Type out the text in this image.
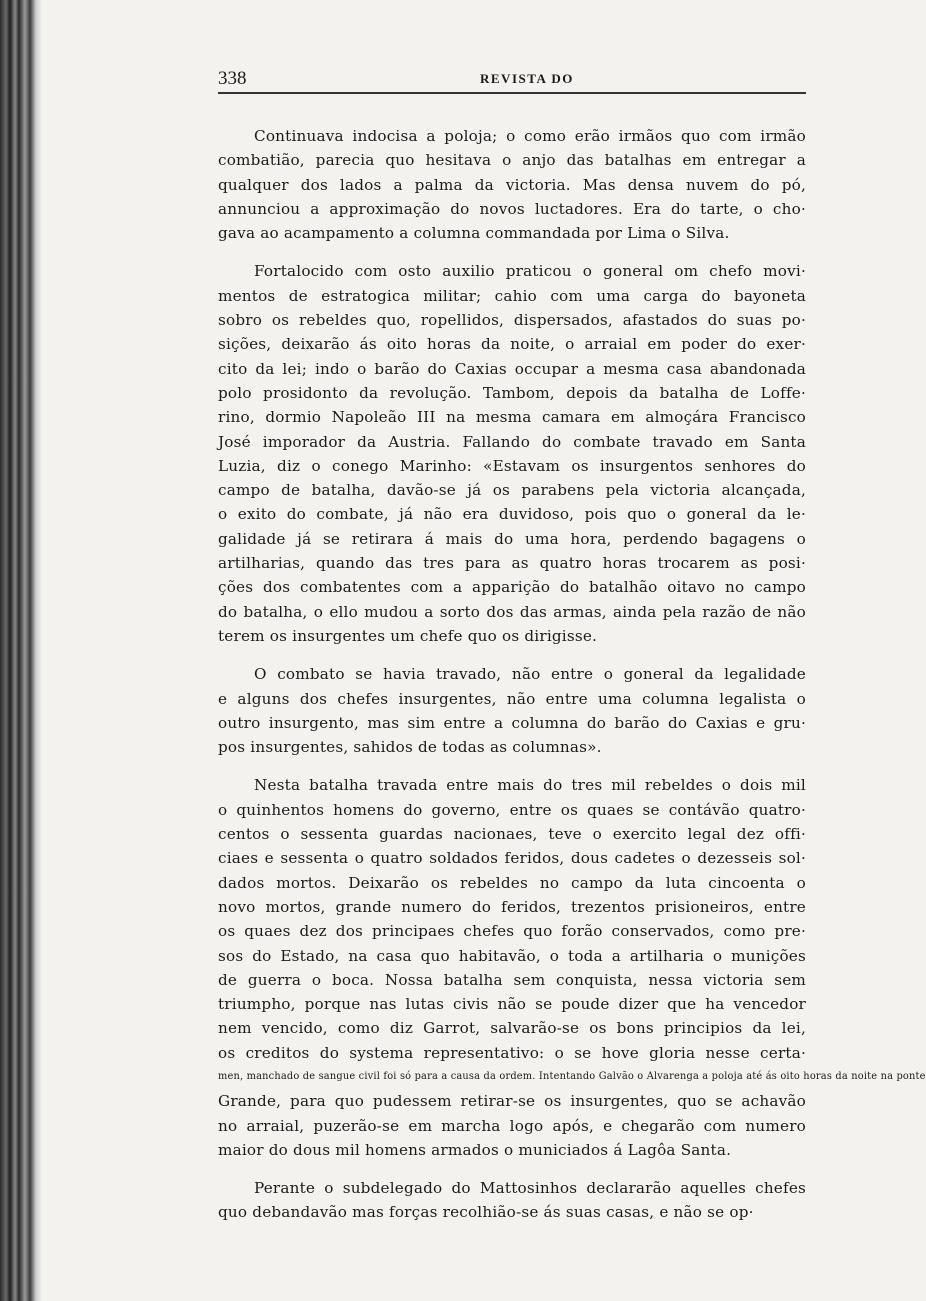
338	REVISTA DO

Continuava indocisa a poloja; o como erão irmãos quo com irmão
combatião, parecia quo hesitava o anjo das batalhas em entregar a
qualquer dos lados a palma da victoria. Mas densa nuvem do pó,
annunciou a approximação do novos luctadores. Era do tarte, o cho·
gava ao acampamento a columna commandada por Lima o Silva.

Fortalocido com osto auxilio praticou o goneral om chefo movi·
mentos de estratogica militar; cahio com uma carga do bayoneta
sobro os rebeldes quo, ropellidos, dispersados, afastados do suas po·
sições, deixarão ás oito horas da noite, o arraial em poder do exer·
cito da lei; indo o barão do Caxias occupar a mesma casa abandonada
polo prosidonto da revolução. Tambom, depois da batalha de Loffe·
rino, dormio Napoleão III na mesma camara em almoçára Francisco
José imporador da Austria. Fallando do combate travado em Santa
Luzia, diz o conego Marinho: «Estavam os insurgentos senhores do
campo de batalha, davão-se já os parabens pela victoria alcançada,
o exito do combate, já não era duvidoso, pois quo o goneral da le·
galidade já se retirara á mais do uma hora, perdendo bagagens o
artilharias, quando das tres para as quatro horas trocarem as posi·
ções dos combatentes com a apparição do batalhão oitavo no campo
do batalha, o ello mudou a sorto dos das armas, ainda pela razão de não
terem os insurgentes um chefe quo os dirigisse.

O combato se havia travado, não entre o goneral da legalidade
e alguns dos chefes insurgentes, não entre uma columna legalista o
outro insurgento, mas sim entre a columna do barão do Caxias e gru·
pos insurgentes, sahidos de todas as columnas».

Nesta batalha travada entre mais do tres mil rebeldes o dois mil
o quinhentos homens do governo, entre os quaes se contávão quatro·
centos o sessenta guardas nacionaes, teve o exercito legal dez offi·
ciaes e sessenta o quatro soldados feridos, dous cadetes o dezesseis sol·
dados mortos. Deixarão os rebeldes no campo da luta cincoenta o
novo mortos, grande numero do feridos, trezentos prisioneiros, entre
os quaes dez dos principaes chefes quo forão conservados, como pre·
sos do Estado, na casa quo habitavão, o toda a artilharia o munições
de guerra o boca. Nossa batalha sem conquista, nessa victoria sem
triumpho, porque nas lutas civis não se poude dizer que ha vencedor
nem vencido, como diz Garrot, salvarão-se os bons principios da lei,
os creditos do systema representativo: o se hove gloria nesse certa·
men, manchado de sangue civil foi só para a causa da ordem. Intentando Galvão o Alvarenga a poloja até ás oito horas da noite na ponte
Grande, para quo pudessem retirar-se os insurgentes, quo se achavão
no arraial, puzerão-se em marcha logo após, e chegarão com numero
maior do dous mil homens armados o municiados á Lagôa Santa.

Perante o subdelegado do Mattosinhos declararão aquelles chefes
quo debandavão mas forças recolhião-se ás suas casas, e não se op·
